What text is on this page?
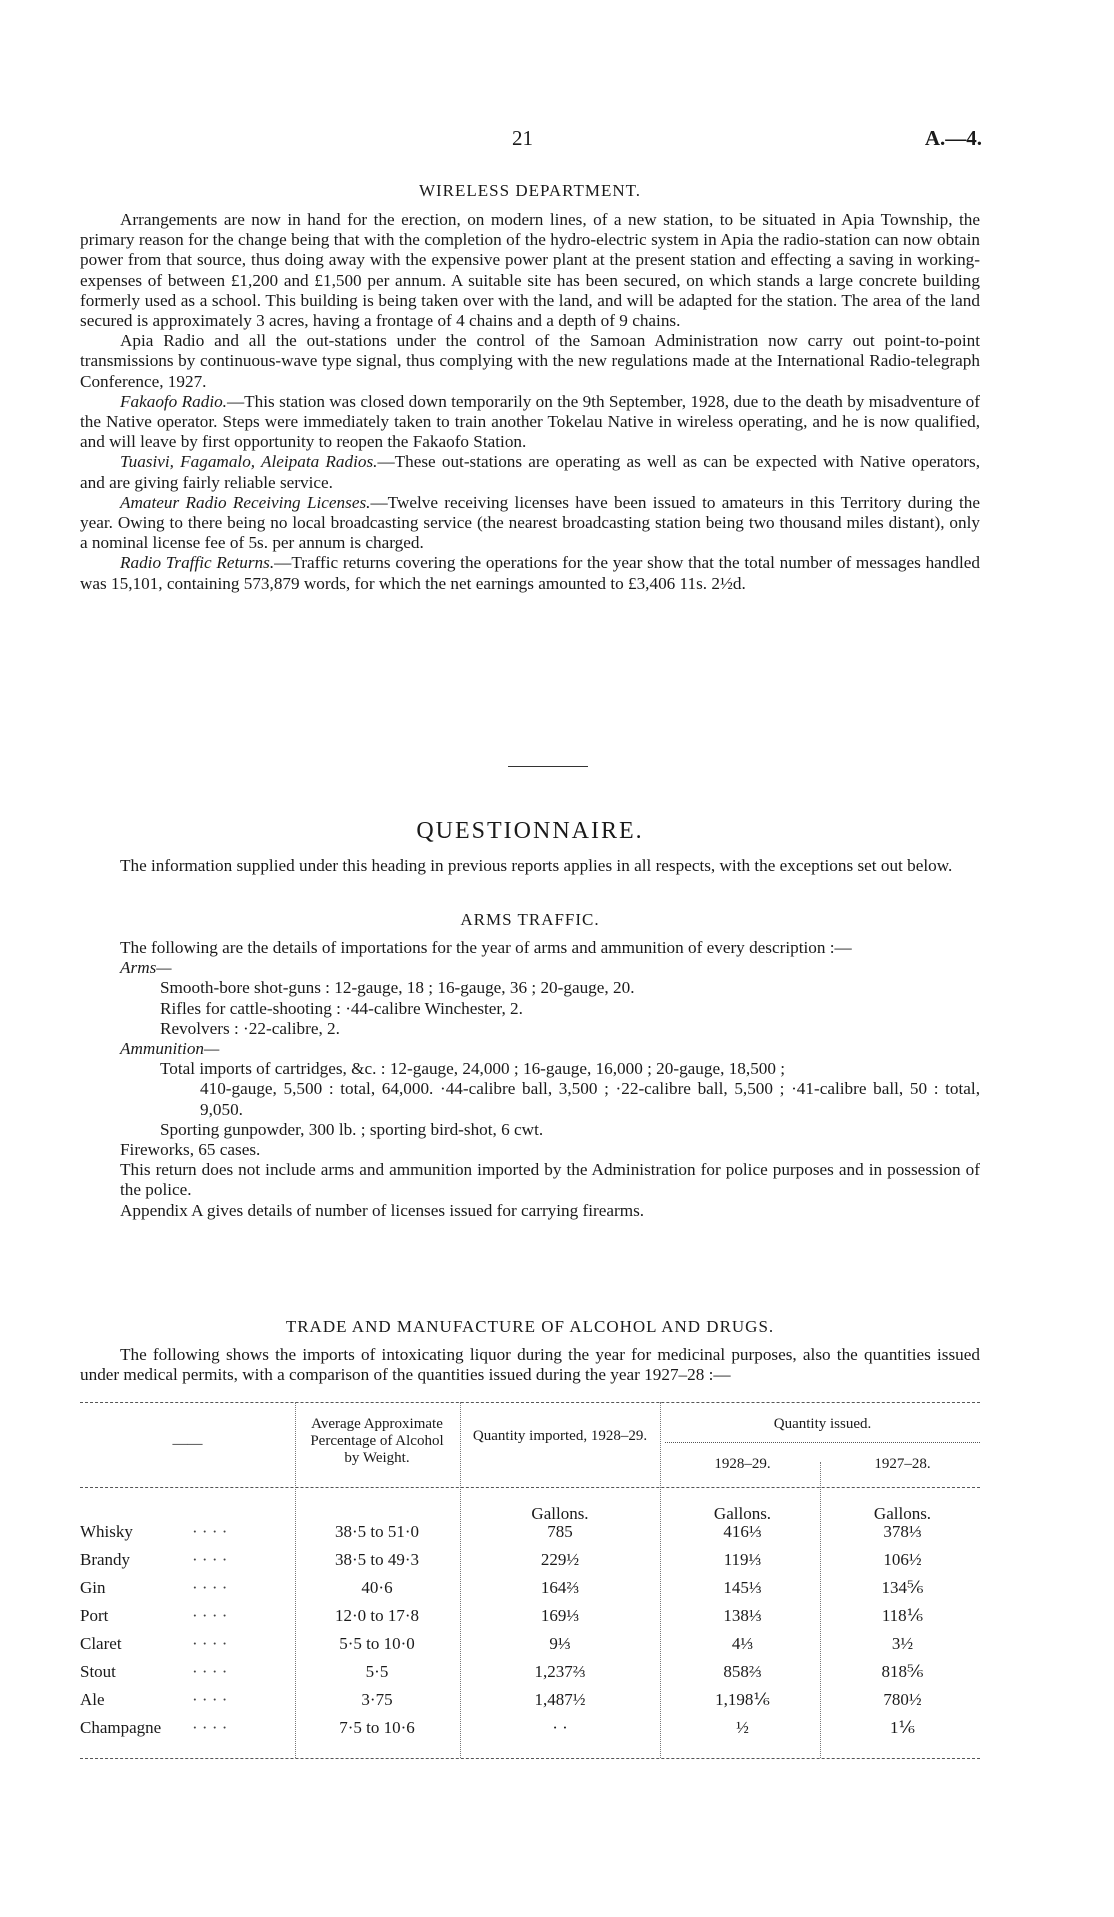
21	A.—4.
WIRELESS DEPARTMENT.

Arrangements are now in hand for the erection, on modern lines, of a new station, to be situated in Apia Township, the primary reason for the change being that with the completion of the hydro-electric system in Apia the radio-station can now obtain power from that source, thus doing away with the expensive power plant at the present station and effecting a saving in working-expenses of between £1,200 and £1,500 per annum. A suitable site has been secured, on which stands a large concrete building formerly used as a school. This building is being taken over with the land, and will be adapted for the station. The area of the land secured is approximately 3 acres, having a frontage of 4 chains and a depth of 9 chains.

Apia Radio and all the out-stations under the control of the Samoan Administration now carry out point-to-point transmissions by continuous-wave type signal, thus complying with the new regulations made at the International Radio-telegraph Conference, 1927.

Fakaofo Radio.—This station was closed down temporarily on the 9th September, 1928, due to the death by misadventure of the Native operator. Steps were immediately taken to train another Tokelau Native in wireless operating, and he is now qualified, and will leave by first opportunity to reopen the Fakaofo Station.

Tuasivi, Fagamalo, Aleipata Radios.—These out-stations are operating as well as can be expected with Native operators, and are giving fairly reliable service.

Amateur Radio Receiving Licenses.—Twelve receiving licenses have been issued to amateurs in this Territory during the year. Owing to there being no local broadcasting service (the nearest broadcasting station being two thousand miles distant), only a nominal license fee of 5s. per annum is charged.

Radio Traffic Returns.—Traffic returns covering the operations for the year show that the total number of messages handled was 15,101, containing 573,879 words, for which the net earnings amounted to £3,406 11s. 2½d.

QUESTIONNAIRE.

The information supplied under this heading in previous reports applies in all respects, with the exceptions set out below.

ARMS TRAFFIC.

The following are the details of importations for the year of arms and ammunition of every description :—

Arms—

Smooth-bore shot-guns : 12-gauge, 18 ; 16-gauge, 36 ; 20-gauge, 20.

Rifles for cattle-shooting : ·44-calibre Winchester, 2.

Revolvers : ·22-calibre, 2.

Ammunition—

Total imports of cartridges, &c. : 12-gauge, 24,000 ; 16-gauge, 16,000 ; 20-gauge, 18,500 ;

410-gauge, 5,500 : total, 64,000. ·44-calibre ball, 3,500 ; ·22-calibre ball, 5,500 ; ·41-calibre ball, 50 : total, 9,050.

Sporting gunpowder, 300 lb. ; sporting bird-shot, 6 cwt.

Fireworks, 65 cases.

This return does not include arms and ammunition imported by the Administration for police purposes and in possession of the police.

Appendix A gives details of number of licenses issued for carrying firearms.

TRADE AND MANUFACTURE OF ALCOHOL AND DRUGS.

The following shows the imports of intoxicating liquor during the year for medicinal purposes, also the quantities issued under medical permits, with a comparison of the quantities issued during the year 1927–28 :—

——
Average Approximate Percentage of Alcohol by Weight.
Quantity imported, 1928–29.
Quantity issued.
1928–29.	1927–28.
Gallons.	Gallons.	Gallons.
Whisky	· · · ·	38·5 to 51·0	785	416⅓	378⅓
Brandy	· · · ·	38·5 to 49·3	229½	119⅓	106½
Gin	· · · ·	40·6	164⅔	145⅓	134⅚
Port	· · · ·	12·0 to 17·8	169⅓	138⅓	118⅙
Claret	· · · ·	5·5 to 10·0	9⅓	4⅓	3½
Stout	· · · ·	5·5	1,237⅔	858⅔	818⅚
Ale	· · · ·	3·75	1,487½	1,198⅙	780½
Champagne · · · ·	7·5 to 10·6	· ·	½	1⅙
